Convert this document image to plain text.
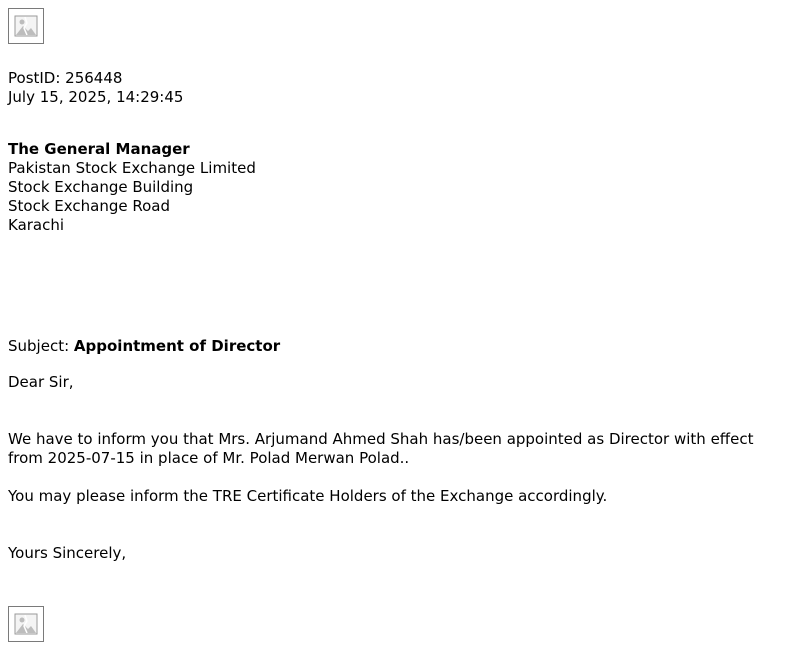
PostID: 256448
July 15, 2025, 14:29:45
The General Manager
Pakistan Stock Exchange Limited
Stock Exchange Building
Stock Exchange Road
Karachi
Subject: Appointment of Director
Dear Sir,
We have to inform you that Mrs. Arjumand Ahmed Shah has/been appointed as Director with effect from 2025-07-15 in place of Mr. Polad Merwan Polad..
You may please inform the TRE Certificate Holders of the Exchange accordingly.
Yours Sincerely,
